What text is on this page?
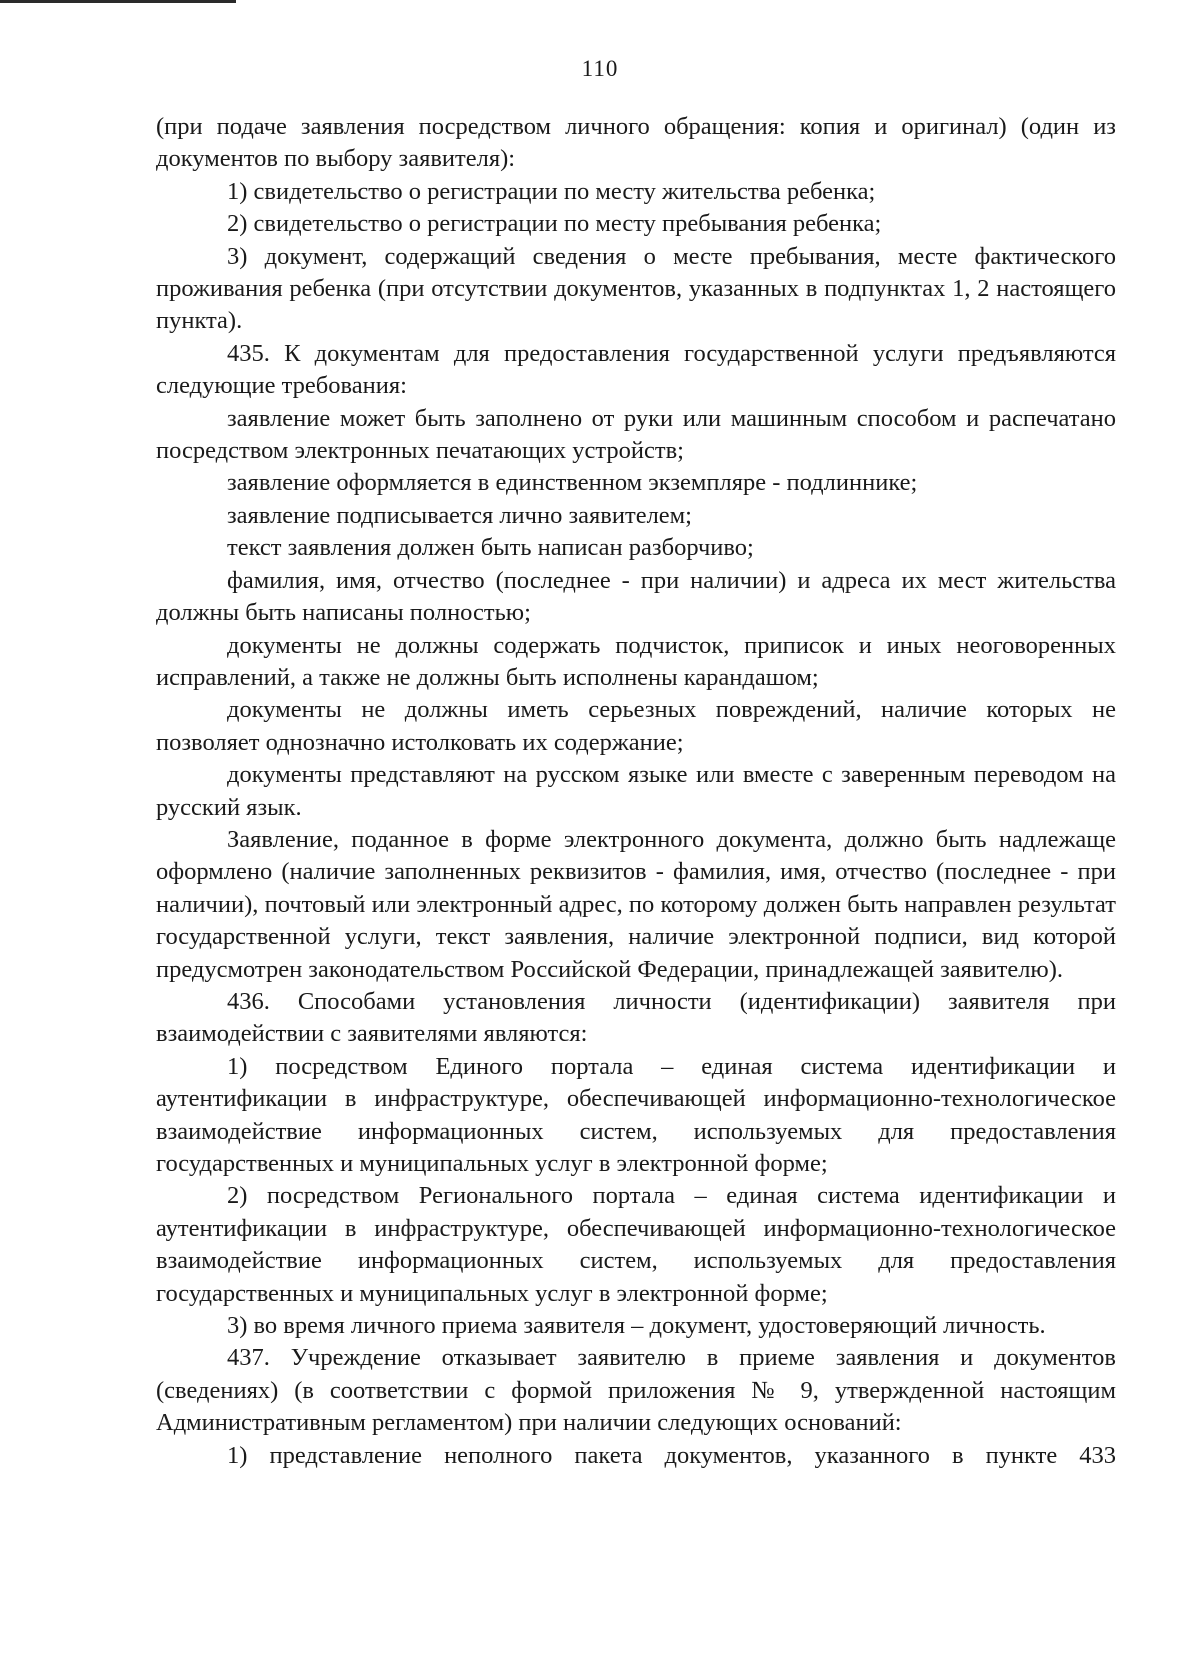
110

(при подаче заявления посредством личного обращения: копия и оригинал) (один из документов по выбору заявителя):

1) свидетельство о регистрации по месту жительства ребенка;

2) свидетельство о регистрации по месту пребывания ребенка;

3) документ, содержащий сведения о месте пребывания, месте фактического проживания ребенка (при отсутствии документов, указанных в подпунктах 1, 2 настоящего пункта).

435. К документам для предоставления государственной услуги предъявляются следующие требования:

заявление может быть заполнено от руки или машинным способом и распечатано посредством электронных печатающих устройств;

заявление оформляется в единственном экземпляре - подлиннике;

заявление подписывается лично заявителем;

текст заявления должен быть написан разборчиво;

фамилия, имя, отчество (последнее - при наличии) и адреса их мест жительства должны быть написаны полностью;

документы не должны содержать подчисток, приписок и иных неоговоренных исправлений, а также не должны быть исполнены карандашом;

документы не должны иметь серьезных повреждений, наличие которых не позволяет однозначно истолковать их содержание;

документы представляют на русском языке или вместе с заверенным переводом на русский язык.

Заявление, поданное в форме электронного документа, должно быть надлежаще оформлено (наличие заполненных реквизитов - фамилия, имя, отчество (последнее - при наличии), почтовый или электронный адрес, по которому должен быть направлен результат государственной услуги, текст заявления, наличие электронной подписи, вид которой предусмотрен законодательством Российской Федерации, принадлежащей заявителю).

436. Способами установления личности (идентификации) заявителя при взаимодействии с заявителями являются:

1) посредством Единого портала – единая система идентификации и аутентификации в инфраструктуре, обеспечивающей информационно-технологическое взаимодействие информационных систем, используемых для предоставления государственных и муниципальных услуг в электронной форме;

2) посредством Регионального портала – единая система идентификации и аутентификации в инфраструктуре, обеспечивающей информационно-технологическое взаимодействие информационных систем, используемых для предоставления государственных и муниципальных услуг в электронной форме;

3) во время личного приема заявителя – документ, удостоверяющий личность.

437. Учреждение отказывает заявителю в приеме заявления и документов (сведениях) (в соответствии с формой приложения № 9, утвержденной настоящим Административным регламентом) при наличии следующих оснований:

1) представление неполного пакета документов, указанного в пункте 433
